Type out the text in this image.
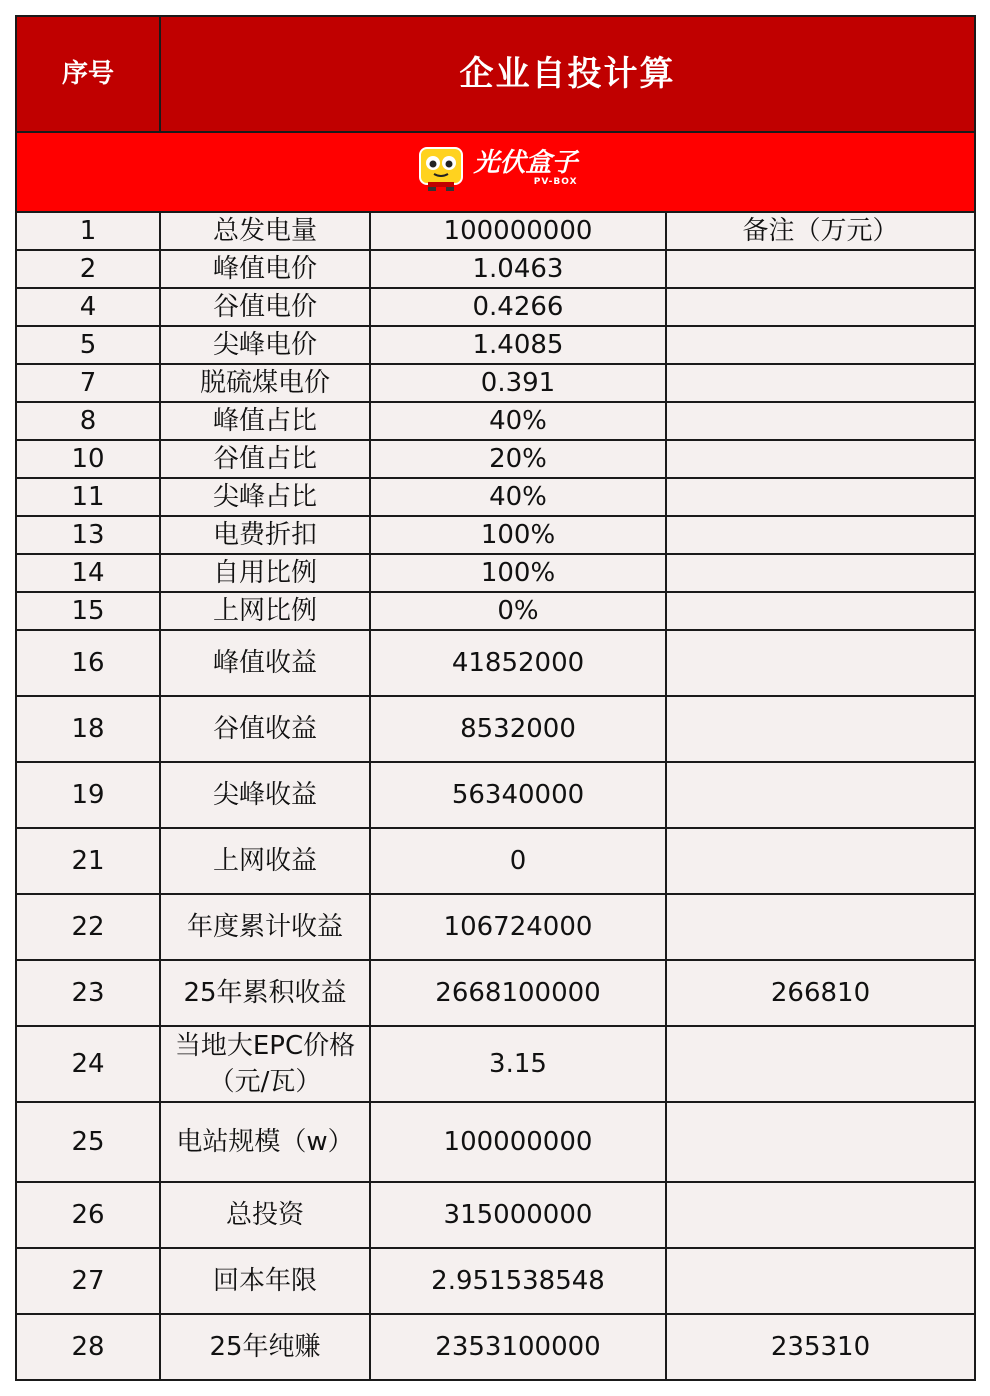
序号	企业自投计算		

光伏盒子
PV-BOX			

1	总发电量	100000000	备注（万元）
2	峰值电价	1.0463	
4	谷值电价	0.4266	
5	尖峰电价	1.4085	
7	脱硫煤电价	0.391	
8	峰值占比	40%	
10	谷值占比	20%	
11	尖峰占比	40%	
13	电费折扣	100%	
14	自用比例	100%	
15	上网比例	0%	
16	峰值收益	41852000	
18	谷值收益	8532000	
19	尖峰收益	56340000	
21	上网收益	0	
22	年度累计收益	106724000	
23	25年累积收益	2668100000	266810
24	当地大EPC价格（元/瓦）	3.15	
25	电站规模（w）	100000000	
26	总投资	315000000	
27	回本年限	2.951538548	
28	25年纯赚	2353100000	235310
